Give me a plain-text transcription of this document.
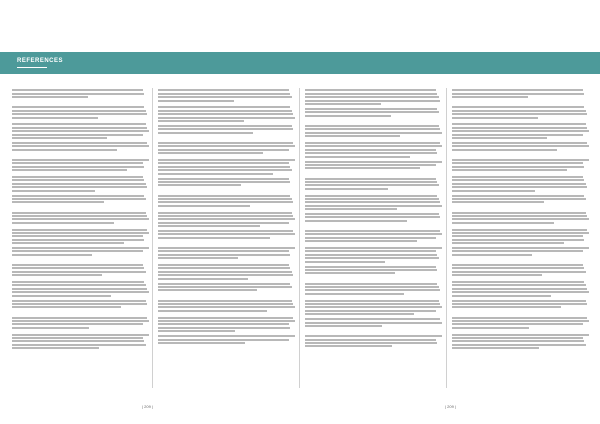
REFERENCES
| 209 |	| 209 |
